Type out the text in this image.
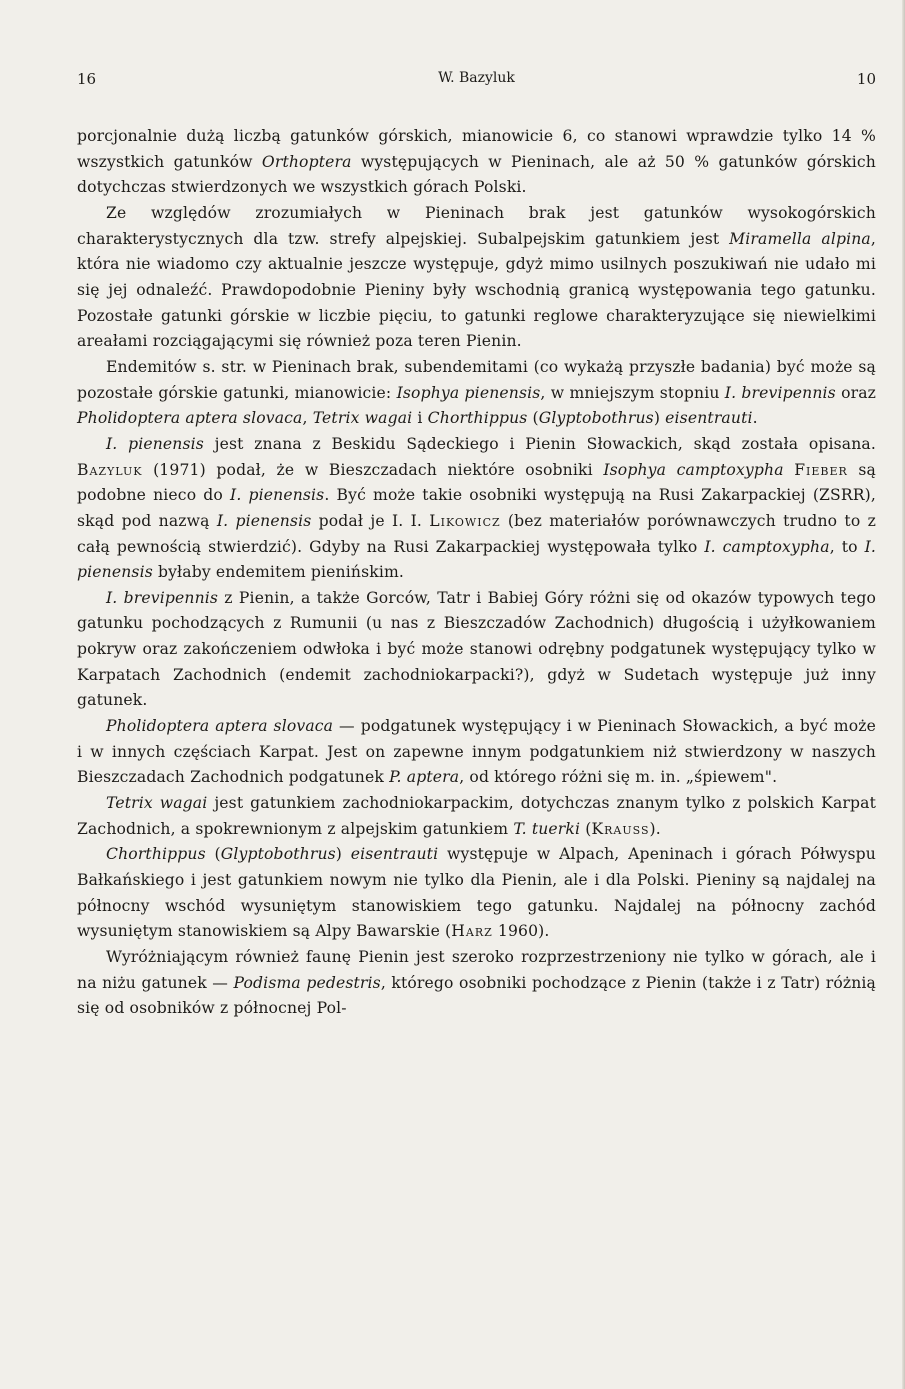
16	W. Bazyluk	10

porcjonalnie dużą liczbą gatunków górskich, mianowicie 6, co stanowi wprawdzie tylko 14 % wszystkich gatunków Orthoptera występujących w Pieninach, ale aż 50 % gatunków górskich dotychczas stwierdzonych we wszystkich górach Polski.

Ze względów zrozumiałych w Pieninach brak jest gatunków wysokogórskich charakterystycznych dla tzw. strefy alpejskiej. Subalpejskim gatunkiem jest Miramella alpina, która nie wiadomo czy aktualnie jeszcze występuje, gdyż mimo usilnych poszukiwań nie udało mi się jej odnaleźć. Prawdopodobnie Pieniny były wschodnią granicą występowania tego gatunku. Pozostałe gatunki górskie w liczbie pięciu, to gatunki reglowe charakteryzujące się niewielkimi areałami rozciągającymi się również poza teren Pienin.

Endemitów s. str. w Pieninach brak, subendemitami (co wykażą przyszłe badania) być może są pozostałe górskie gatunki, mianowicie: Isophya pienensis, w mniejszym stopniu I. brevipennis oraz Pholidoptera aptera slovaca, Tetrix wagai i Chorthippus (Glyptobothrus) eisentrauti.

I. pienensis jest znana z Beskidu Sądeckiego i Pienin Słowackich, skąd została opisana. Bazyluk (1971) podał, że w Bieszczadach niektóre osobniki Isophya camptoxypha Fieber są podobne nieco do I. pienensis. Być może takie osobniki występują na Rusi Zakarpackiej (ZSRR), skąd pod nazwą I. pienensis podał je I. I. Likowicz (bez materiałów porównawczych trudno to z całą pewnością stwierdzić). Gdyby na Rusi Zakarpackiej występowała tylko I. camptoxypha, to I. pienensis byłaby endemitem pienińskim.

I. brevipennis z Pienin, a także Gorców, Tatr i Babiej Góry różni się od okazów typowych tego gatunku pochodzących z Rumunii (u nas z Bieszczadów Zachodnich) długością i użyłkowaniem pokryw oraz zakończeniem odwłoka i być może stanowi odrębny podgatunek występujący tylko w Karpatach Zachodnich (endemit zachodniokarpacki?), gdyż w Sudetach występuje już inny gatunek.

Pholidoptera aptera slovaca — podgatunek występujący i w Pieninach Słowackich, a być może i w innych częściach Karpat. Jest on zapewne innym podgatunkiem niż stwierdzony w naszych Bieszczadach Zachodnich podgatunek P. aptera, od którego różni się m. in. „śpiewem".

Tetrix wagai jest gatunkiem zachodniokarpackim, dotychczas znanym tylko z polskich Karpat Zachodnich, a spokrewnionym z alpejskim gatunkiem T. tuerki (Krauss).

Chorthippus (Glyptobothrus) eisentrauti występuje w Alpach, Apeninach i górach Półwyspu Bałkańskiego i jest gatunkiem nowym nie tylko dla Pienin, ale i dla Polski. Pieniny są najdalej na północny wschód wysuniętym stanowiskiem tego gatunku. Najdalej na północny zachód wysuniętym stanowiskiem są Alpy Bawarskie (Harz 1960).

Wyróżniającym również faunę Pienin jest szeroko rozprzestrzeniony nie tylko w górach, ale i na niżu gatunek — Podisma pedestris, którego osobniki pochodzące z Pienin (także i z Tatr) różnią się od osobników z północnej Pol-
